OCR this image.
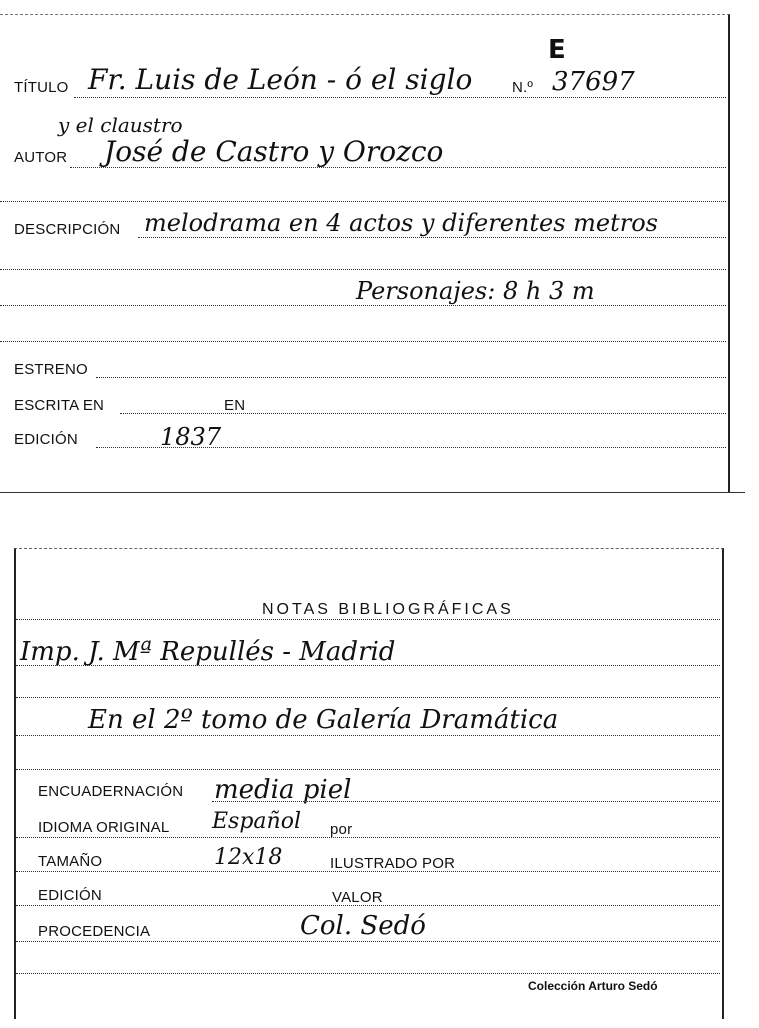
E
TÍTULO Fr. Luis de León - ó el siglo	N.º 37697
y el claustro
AUTOR José de Castro y Orozco
DESCRIPCIÓN melodrama en 4 actos y diferentes metros
Personajes: 8 h 3 m
ESTRENO
ESCRITA EN	EN
EDICIÓN	1837
NOTAS BIBLIOGRÁFICAS
Imp. J. Mª Repullés - Madrid
En el 2º tomo de Galería Dramática
ENCUADERNACIÓN media piel
IDIOMA ORIGINAL Español por
TAMAÑO	12x18	ILUSTRADO POR
EDICIÓN	VALOR
PROCEDENCIA	Col. Sedó
Colección Arturo Sedó
